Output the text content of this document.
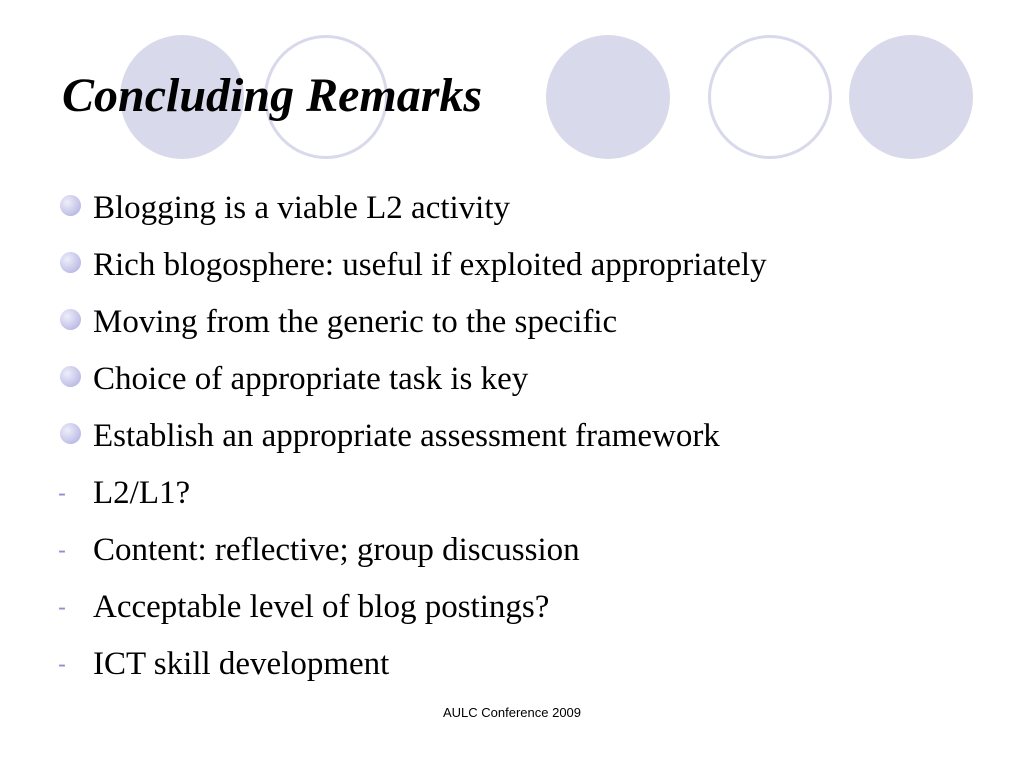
Concluding Remarks
Blogging is a viable L2 activity
Rich blogosphere: useful if exploited appropriately
Moving from the generic to the specific
Choice of appropriate task is key
Establish an appropriate assessment framework
- L2/L1?
- Content: reflective; group discussion
- Acceptable level of blog postings?
- ICT skill development
AULC Conference 2009
